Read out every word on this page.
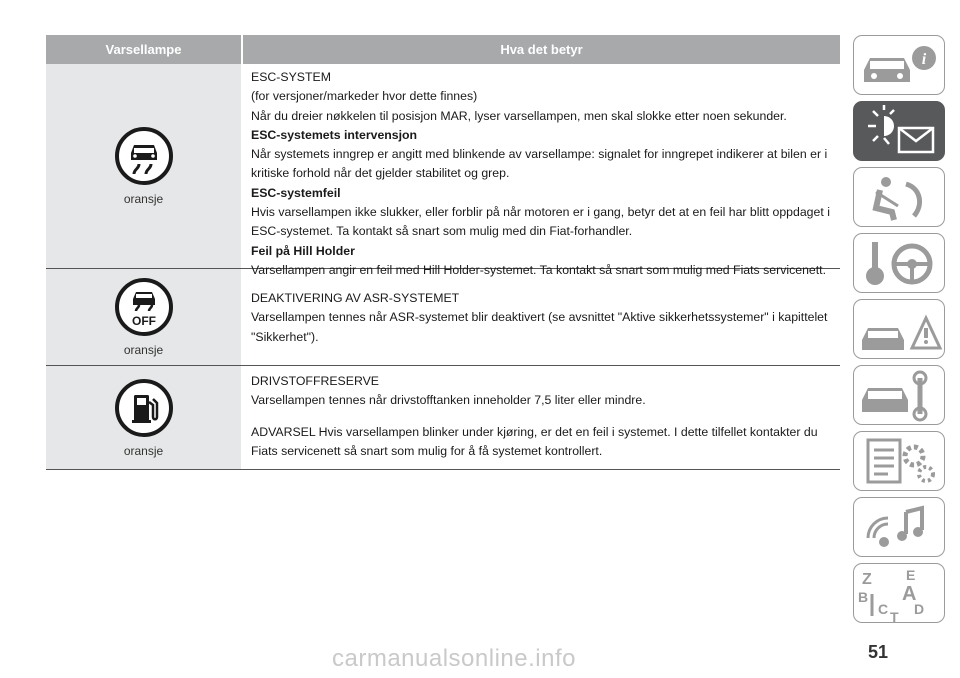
Varsellampe	Hva det betyr
oransje

ESC-SYSTEM

(for versjoner/markeder hvor dette finnes)

Når du dreier nøkkelen til posisjon MAR, lyser varsellampen, men skal slokke etter noen sekunder.

ESC-systemets intervensjon

Når systemets inngrep er angitt med blinkende av varsellampe: signalet for inngrepet indikerer at bilen er i

kritiske forhold når det gjelder stabilitet og grep.

ESC-systemfeil

Hvis varsellampen ikke slukker, eller forblir på når motoren er i gang, betyr det at en feil har blitt oppdaget i

ESC-systemet. Ta kontakt så snart som mulig med din Fiat-forhandler.

Feil på Hill Holder

Varsellampen angir en feil med Hill Holder-systemet. Ta kontakt så snart som mulig med Fiats servicenett.

OFF
oransje

DEAKTIVERING AV ASR-SYSTEMET

Varsellampen tennes når ASR-systemet blir deaktivert (se avsnittet "Aktive sikkerhetssystemer" i kapittelet

"Sikkerhet").

oransje

DRIVSTOFFRESERVE

Varsellampen tennes når drivstofftanken inneholder 7,5 liter eller mindre.

ADVARSEL Hvis varsellampen blinker under kjøring, er det en feil i systemet. I dette tilfellet kontakter du

Fiats servicenett så snart som mulig for å få systemet kontrollert.

i
Z E
B A
C D
T
51
carmanualsonline.info
